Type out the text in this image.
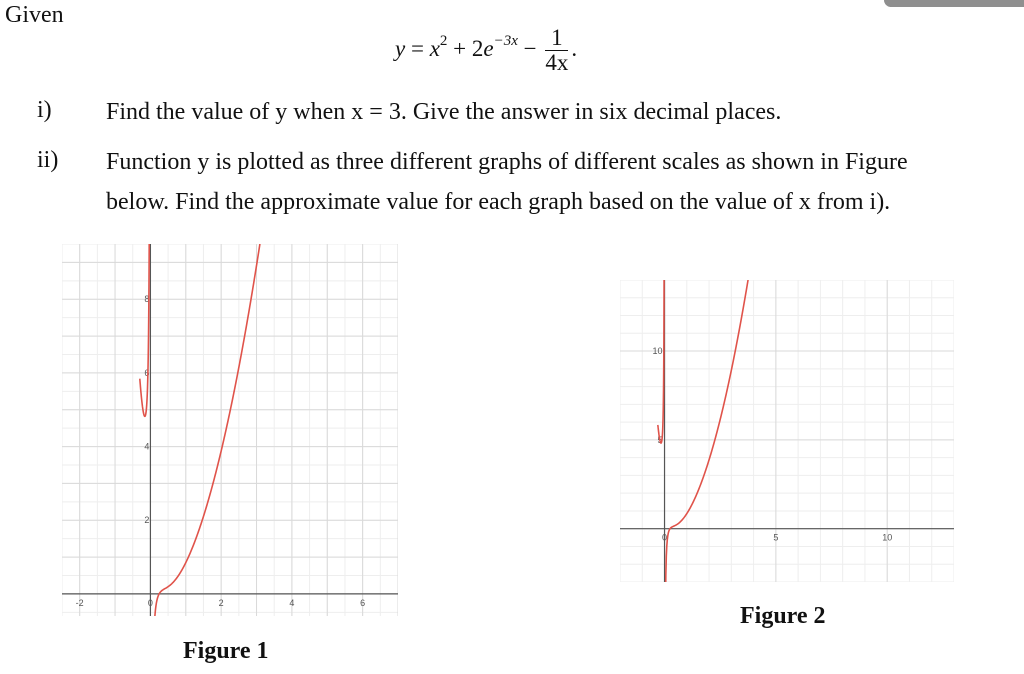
Given
$y = x^2 + 2e^{-3x} - \frac{1}{4x}$ .
i) Find the value of y when x = 3. Give the answer in six decimal places.
ii) Function y is plotted as three different graphs of different scales as shown in Figure
below. Find the approximate value for each graph based on the value of x from i).
-2	0	2	4	6
2
4
6
8
0	5	10
5
10
Figure 1
Figure 2
